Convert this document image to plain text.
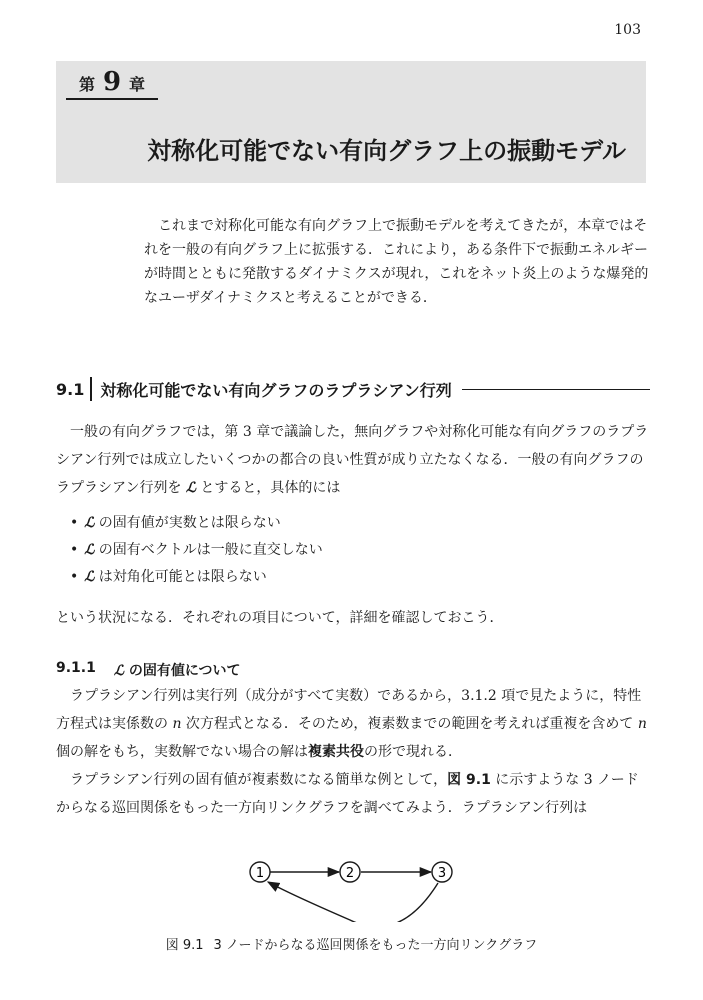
103
第 9 章
対称化可能でない有向グラフ上の振動モデル

これまで対称化可能な有向グラフ上で振動モデルを考えてきたが，本章ではそれを一般の有向グラフ上に拡張する．これにより，ある条件下で振動エネルギーが時間とともに発散するダイナミクスが現れ，これをネット炎上のような爆発的なユーザダイナミクスと考えることができる．

9.1	対称化可能でない有向グラフのラプラシアン行列

一般の有向グラフでは，第 3 章で議論した，無向グラフや対称化可能な有向グラフのラプラシアン行列では成立したいくつかの都合の良い性質が成り立たなくなる．一般の有向グラフのラプラシアン行列を ℒ とすると，具体的には

• ℒ の固有値が実数とは限らない
• ℒ の固有ベクトルは一般に直交しない
• ℒ は対角化可能とは限らない

という状況になる．それぞれの項目について，詳細を確認しておこう．

9.1.1 ℒ の固有値について

ラプラシアン行列は実行列（成分がすべて実数）であるから，3.1.2 項で見たように，特性方程式は実係数の n 次方程式となる．そのため，複素数までの範囲を考えれば重複を含めて n 個の解をもち，実数解でない場合の解は複素共役の形で現れる．

ラプラシアン行列の固有値が複素数になる簡単な例として，図 9.1 に示すような 3 ノードからなる巡回関係をもった一方向リンクグラフを調べてみよう．ラプラシアン行列は

1	2	3
図 9.1 3 ノードからなる巡回関係をもった一方向リンクグラフ
